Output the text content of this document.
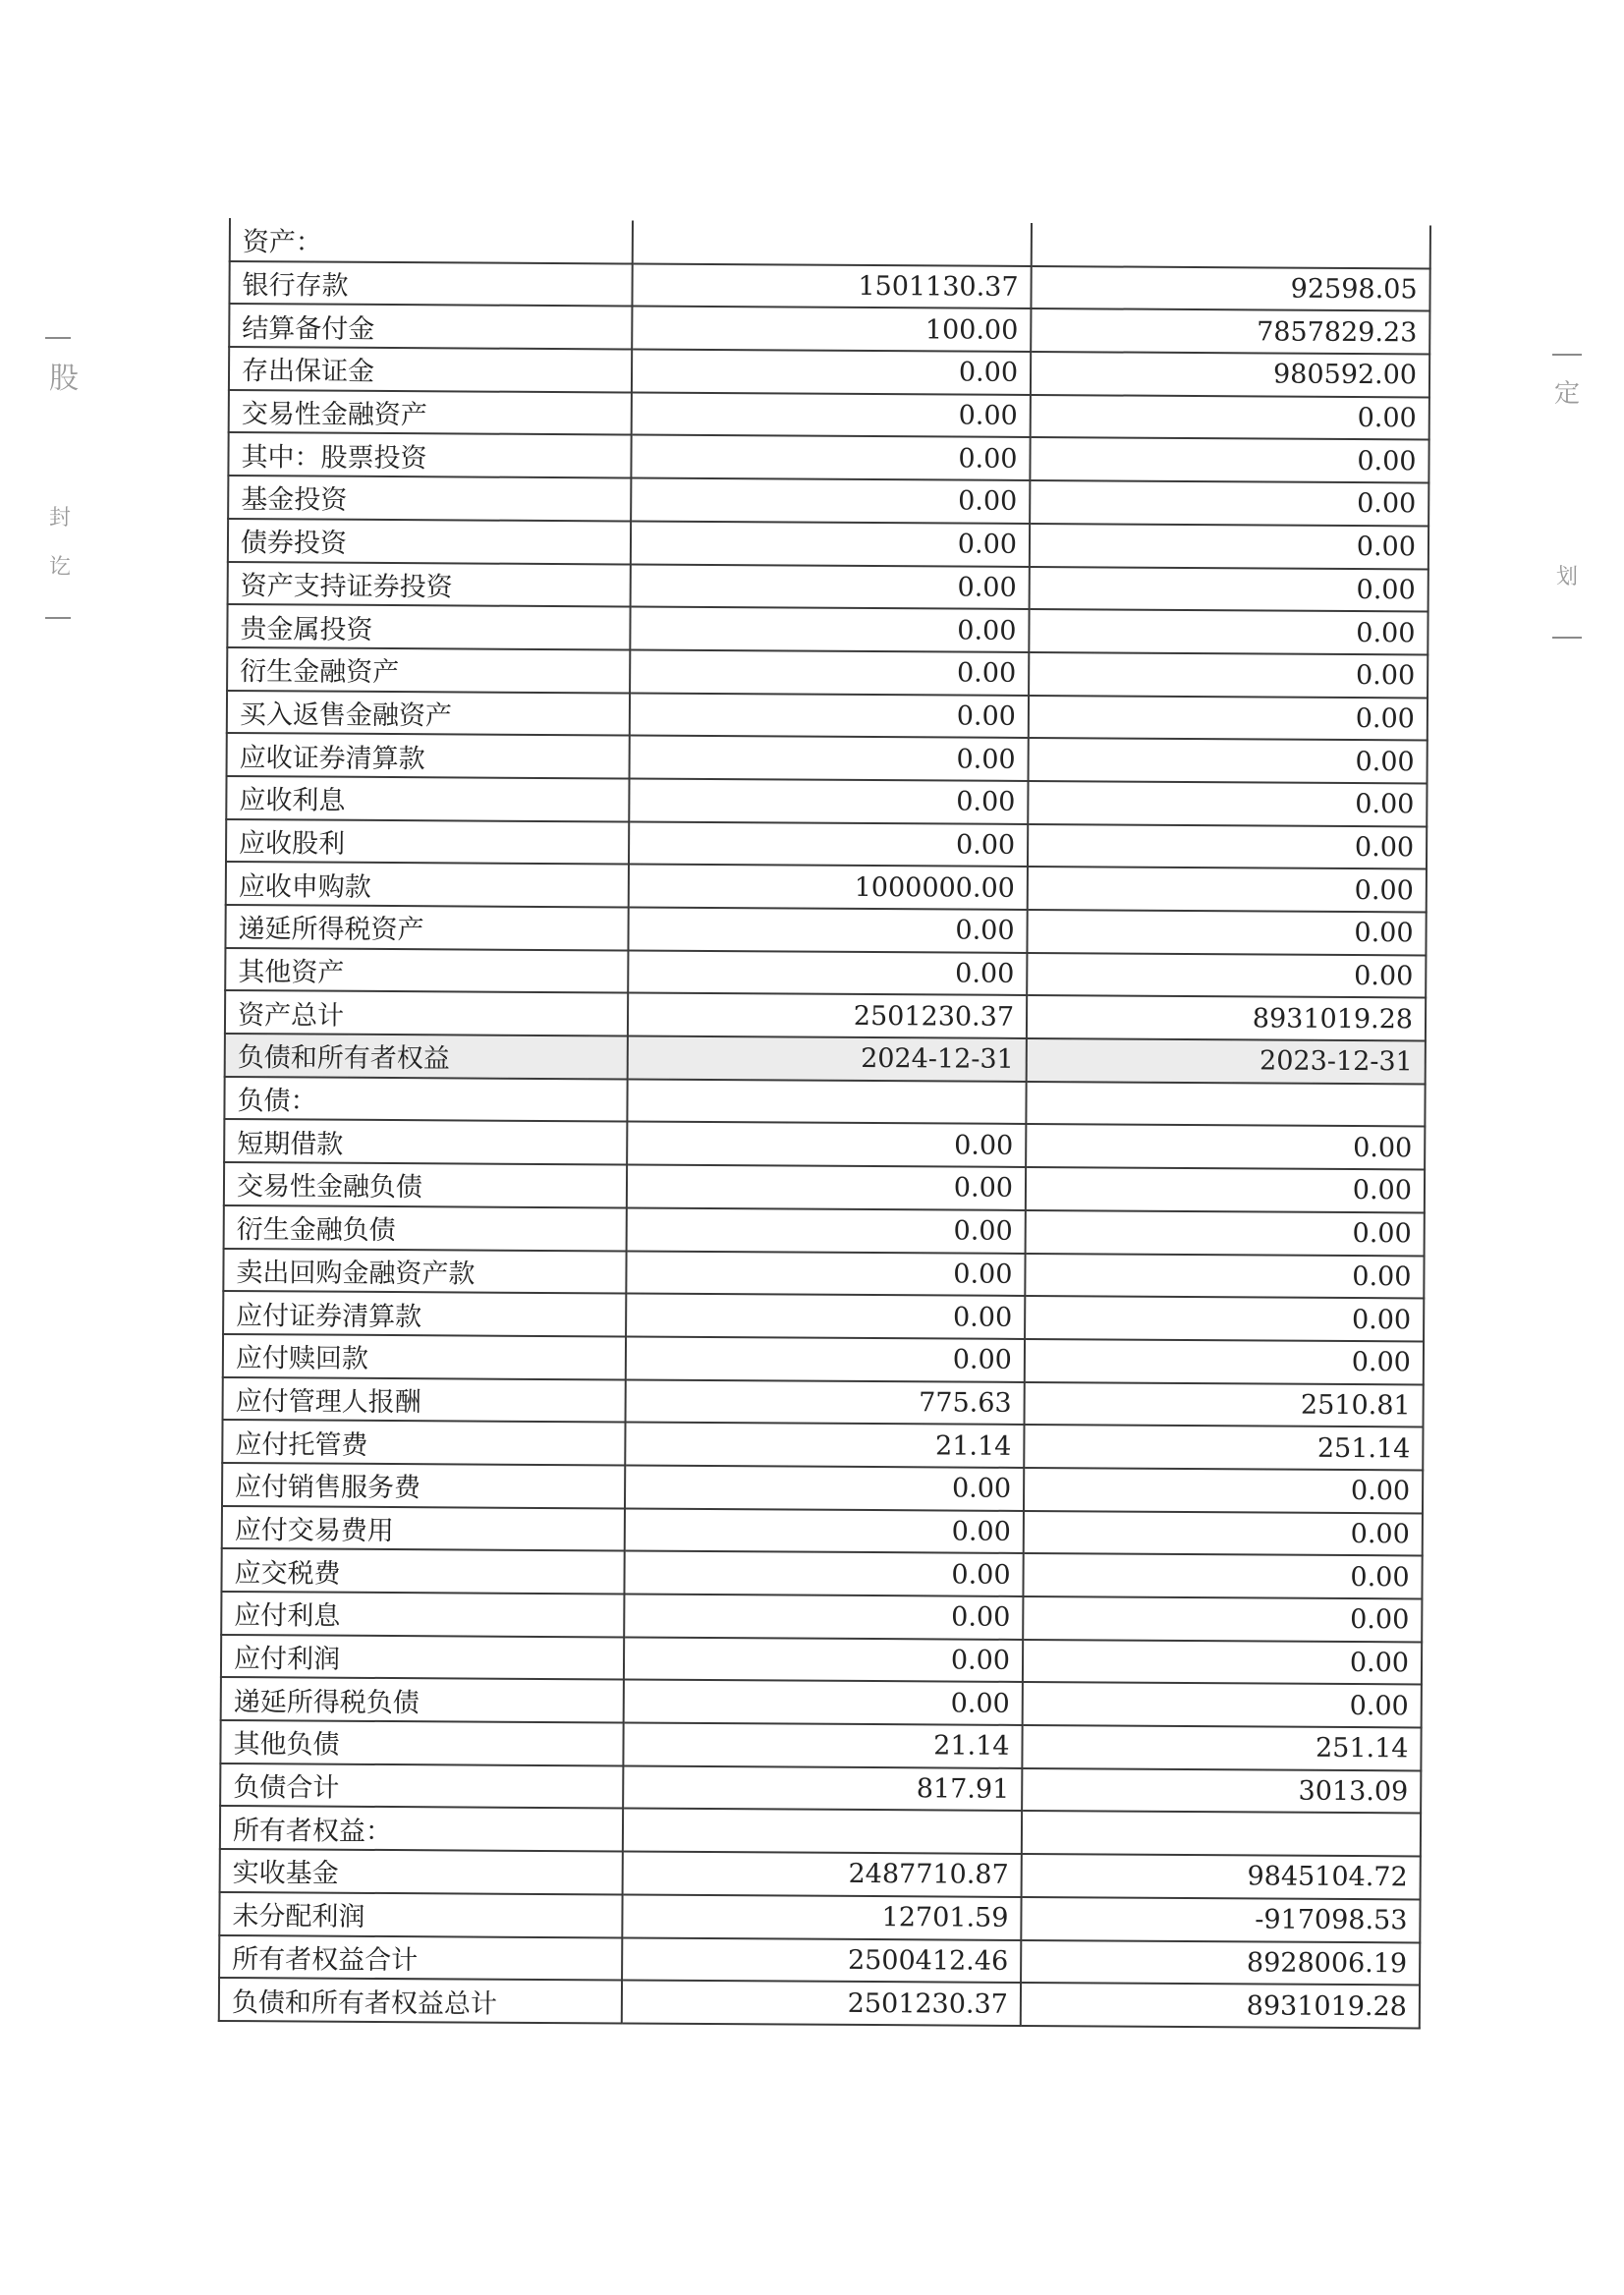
股
封
讫
定
划
资产：		
银行存款	1501130.37	92598.05
结算备付金	100.00	7857829.23
存出保证金	0.00	980592.00
交易性金融资产	0.00	0.00
其中：股票投资	0.00	0.00
基金投资	0.00	0.00
债券投资	0.00	0.00
资产支持证券投资	0.00	0.00
贵金属投资	0.00	0.00
衍生金融资产	0.00	0.00
买入返售金融资产	0.00	0.00
应收证券清算款	0.00	0.00
应收利息	0.00	0.00
应收股利	0.00	0.00
应收申购款	1000000.00	0.00
递延所得税资产	0.00	0.00
其他资产	0.00	0.00
资产总计	2501230.37	8931019.28
负债和所有者权益	2024-12-31	2023-12-31
负债：		
短期借款	0.00	0.00
交易性金融负债	0.00	0.00
衍生金融负债	0.00	0.00
卖出回购金融资产款	0.00	0.00
应付证券清算款	0.00	0.00
应付赎回款	0.00	0.00
应付管理人报酬	775.63	2510.81
应付托管费	21.14	251.14
应付销售服务费	0.00	0.00
应付交易费用	0.00	0.00
应交税费	0.00	0.00
应付利息	0.00	0.00
应付利润	0.00	0.00
递延所得税负债	0.00	0.00
其他负债	21.14	251.14
负债合计	817.91	3013.09
所有者权益：		
实收基金	2487710.87	9845104.72
未分配利润	12701.59	-917098.53
所有者权益合计	2500412.46	8928006.19
负债和所有者权益总计	2501230.37	8931019.28
